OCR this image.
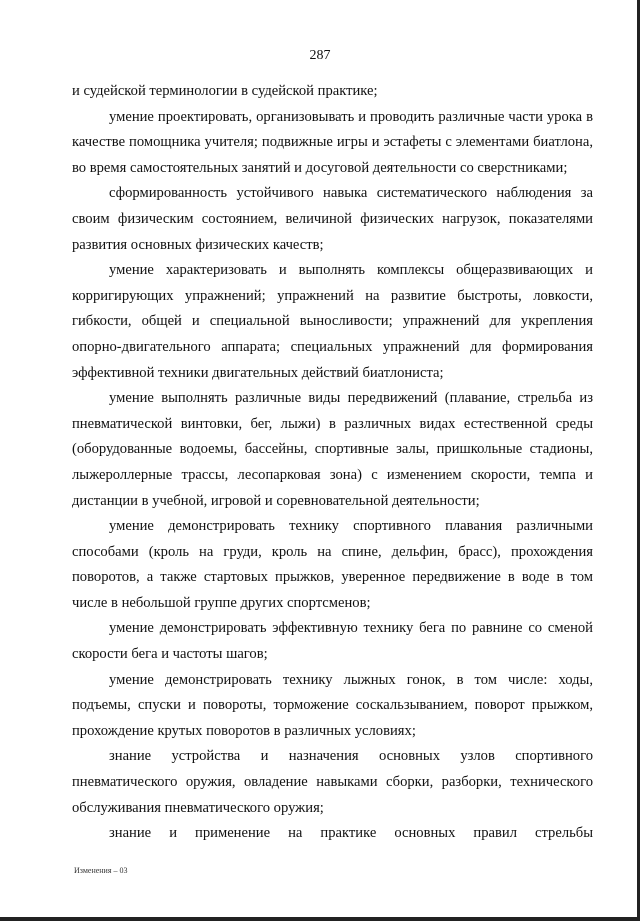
287

и судейской терминологии в судейской практике;

умение проектировать, организовывать и проводить различные части урока в качестве помощника учителя; подвижные игры и эстафеты с элементами биатлона, во время самостоятельных занятий и досуговой деятельности со сверстниками;

сформированность устойчивого навыка систематического наблюдения за своим физическим состоянием, величиной физических нагрузок, показателями развития основных физических качеств;

умение характеризовать и выполнять комплексы общеразвивающих и корригирующих упражнений; упражнений на развитие быстроты, ловкости, гибкости, общей и специальной выносливости; упражнений для укрепления опорно-двигательного аппарата; специальных упражнений для формирования эффективной техники двигательных действий биатлониста;

умение выполнять различные виды передвижений (плавание, стрельба из пневматической винтовки, бег, лыжи) в различных видах естественной среды (оборудованные водоемы, бассейны, спортивные залы, пришкольные стадионы, лыжероллерные трассы, лесопарковая зона) с изменением скорости, темпа и дистанции в учебной, игровой и соревновательной деятельности;

умение демонстрировать технику спортивного плавания различными способами (кроль на груди, кроль на спине, дельфин, брасс), прохождения поворотов, а также стартовых прыжков, уверенное передвижение в воде в том числе в небольшой группе других спортсменов;

умение демонстрировать эффективную технику бега по равнине со сменой скорости бега и частоты шагов;

умение демонстрировать технику лыжных гонок, в том числе: ходы, подъемы, спуски и повороты, торможение соскальзыванием, поворот прыжком, прохождение крутых поворотов в различных условиях;

знание устройства и назначения основных узлов спортивного пневматического оружия, овладение навыками сборки, разборки, технического обслуживания пневматического оружия;

знание и применение на практике основных правил стрельбы

Изменения – 03
